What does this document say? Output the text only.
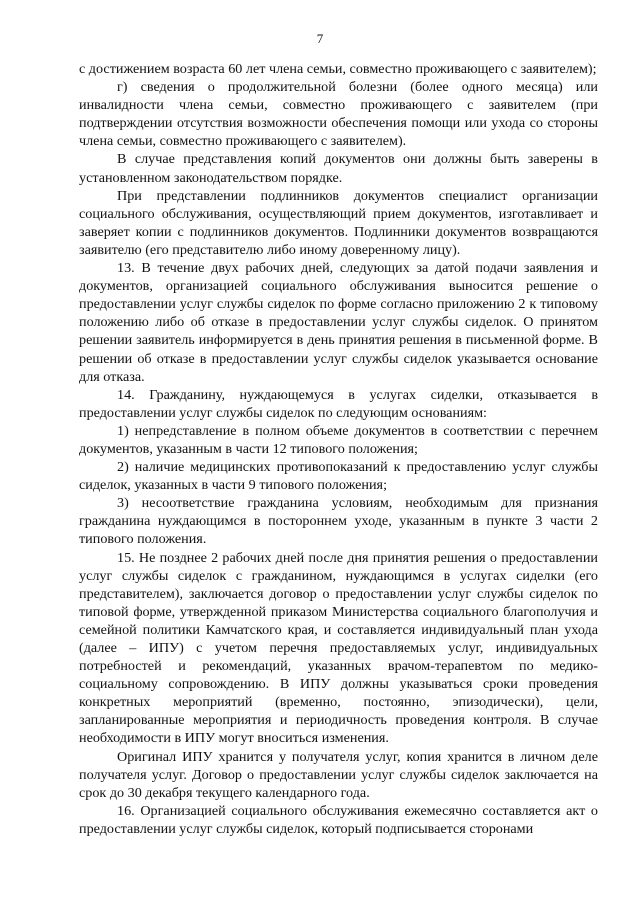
7

с достижением возраста 60 лет члена семьи, совместно проживающего с заявителем);

г) сведения о продолжительной болезни (более одного месяца) или инвалидности члена семьи, совместно проживающего с заявителем (при подтверждении отсутствия возможности обеспечения помощи или ухода со стороны члена семьи, совместно проживающего с заявителем).

В случае представления копий документов они должны быть заверены в установленном законодательством порядке.

При представлении подлинников документов специалист организации социального обслуживания, осуществляющий прием документов, изготавливает и заверяет копии с подлинников документов. Подлинники документов возвращаются заявителю (его представителю либо иному доверенному лицу).

13. В течение двух рабочих дней, следующих за датой подачи заявления и документов, организацией социального обслуживания выносится решение о предоставлении услуг службы сиделок по форме согласно приложению 2 к типовому положению либо об отказе в предоставлении услуг службы сиделок. О принятом решении заявитель информируется в день принятия решения в письменной форме. В решении об отказе в предоставлении услуг службы сиделок указывается основание для отказа.

14. Гражданину, нуждающемуся в услугах сиделки, отказывается в предоставлении услуг службы сиделок по следующим основаниям:

1) непредставление в полном объеме документов в соответствии с перечнем документов, указанным в части 12 типового положения;

2) наличие медицинских противопоказаний к предоставлению услуг службы сиделок, указанных в части 9 типового положения;

3) несоответствие гражданина условиям, необходимым для признания гражданина нуждающимся в постороннем уходе, указанным в пункте 3 части 2 типового положения.

15. Не позднее 2 рабочих дней после дня принятия решения о предоставлении услуг службы сиделок с гражданином, нуждающимся в услугах сиделки (его представителем), заключается договор о предоставлении услуг службы сиделок по типовой форме, утвержденной приказом Министерства социального благополучия и семейной политики Камчатского края, и составляется индивидуальный план ухода (далее – ИПУ) с учетом перечня предоставляемых услуг, индивидуальных потребностей и рекомендаций, указанных врачом-терапевтом по медико-социальному сопровождению. В ИПУ должны указываться сроки проведения конкретных мероприятий (временно, постоянно, эпизодически), цели, запланированные мероприятия и периодичность проведения контроля. В случае необходимости в ИПУ могут вноситься изменения.

Оригинал ИПУ хранится у получателя услуг, копия хранится в личном деле получателя услуг. Договор о предоставлении услуг службы сиделок заключается на срок до 30 декабря текущего календарного года.

16. Организацией социального обслуживания ежемесячно составляется акт о предоставлении услуг службы сиделок, который подписывается сторонами
